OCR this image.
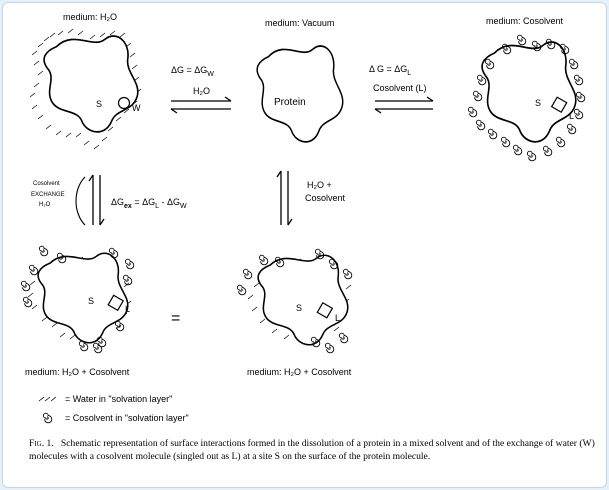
S	W
medium: H₂O
Protein
medium: Vacuum
S
L
medium: Cosolvent
$\Delta G = \Delta G_W$
H₂O
Δ $G = \Delta G_L$
Cosolvent (L)
Cosolvent
EXCHANGE
H₂O	$\Delta G_{ex} = \Delta G_L - \Delta G_W$
H₂O +
Cosolvent
S
L
medium: H₂O + Cosolvent
=
S
L
medium: H₂O + Cosolvent
= Water in "solvation layer"
= Cosolvent in "solvation layer"
Fig. 1. Schematic representation of surface interactions formed in the dissolution of a protein in a mixed solvent and of the exchange of water (W) molecules with a cosolvent molecule (singled out as L) at a site S on the surface of the protein molecule.
